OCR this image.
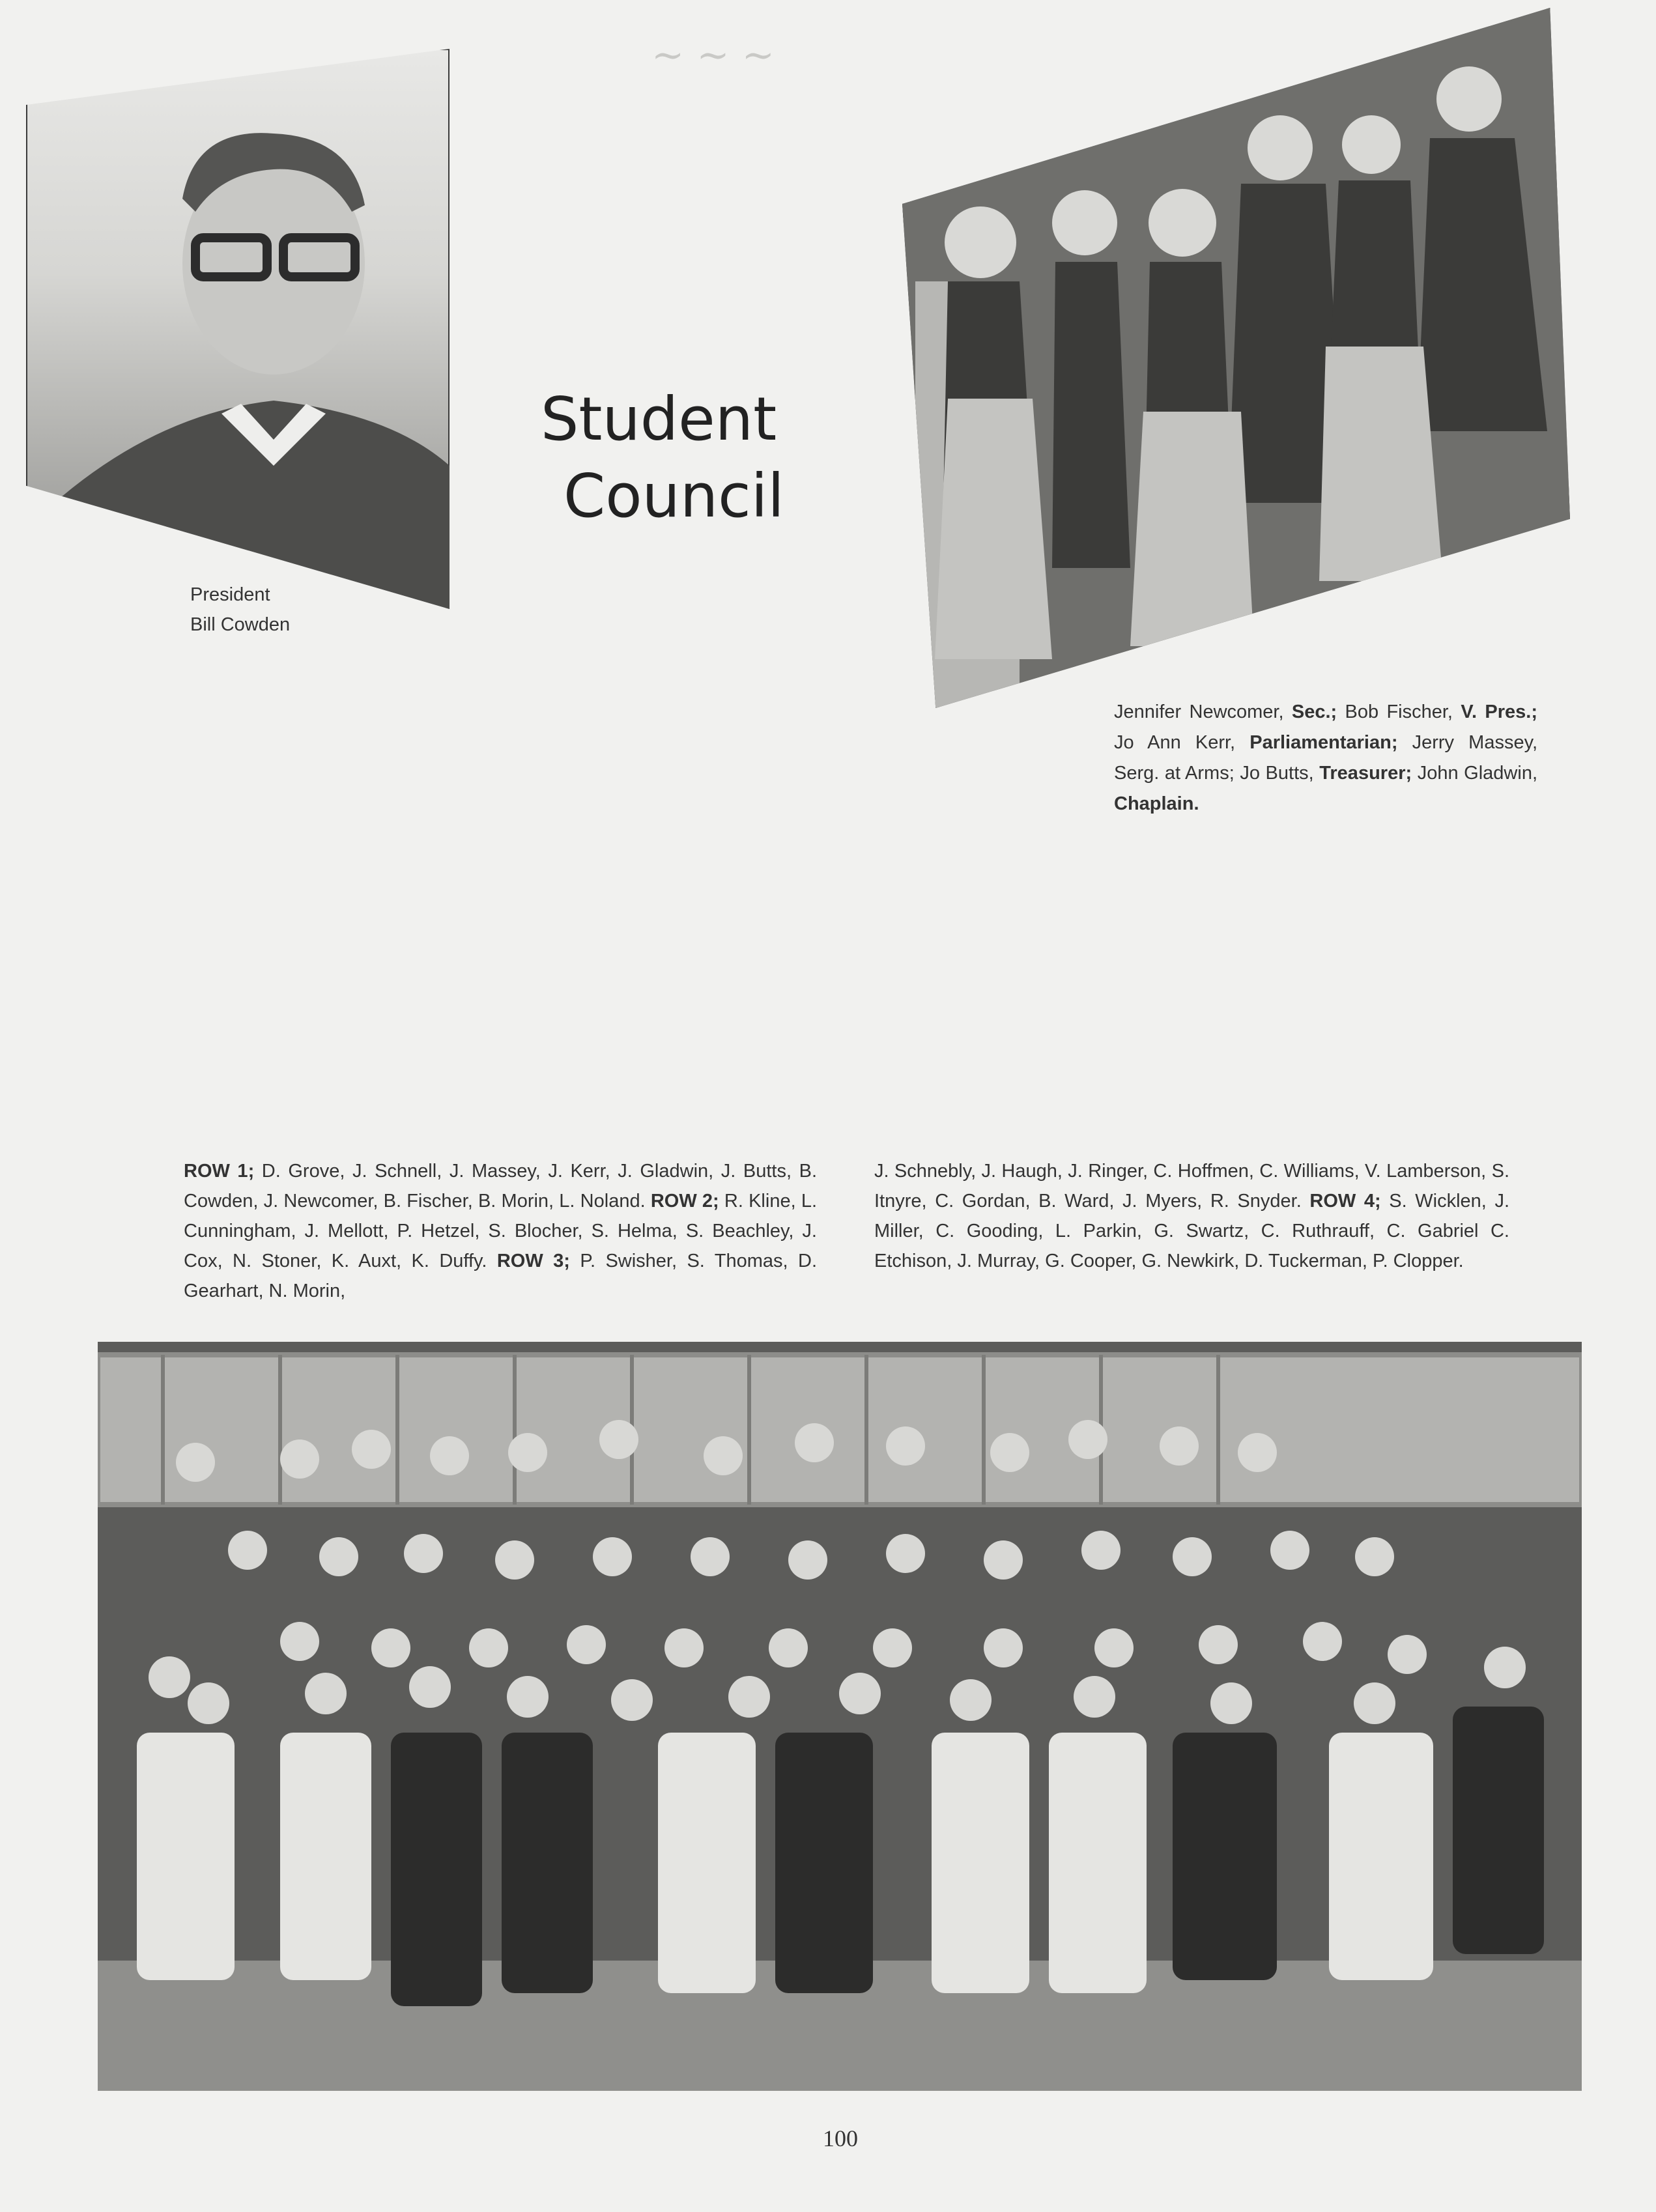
~ ~ ~
President
Bill Cowden
Student
Council
Jennifer Newcomer, Sec.; Bob Fischer, V. Pres.; Jo Ann Kerr, Parliamentarian; Jerry Massey, Serg. at Arms; Jo Butts, Treasurer; John Gladwin, Chaplain.
ROW 1; D. Grove, J. Schnell, J. Massey, J. Kerr, J. Gladwin, J. Butts, B. Cowden, J. Newcomer, B. Fischer, B. Morin, L. Noland. ROW 2; R. Kline, L. Cunningham, J. Mellott, P. Hetzel, S. Blocher, S. Helma, S. Beachley, J. Cox, N. Stoner, K. Auxt, K. Duffy. ROW 3; P. Swisher, S. Thomas, D. Gearhart, N. Morin,
J. Schnebly, J. Haugh, J. Ringer, C. Hoffmen, C. Williams, V. Lamberson, S. Itnyre, C. Gordan, B. Ward, J. Myers, R. Snyder. ROW 4; S. Wicklen, J. Miller, C. Gooding, L. Parkin, G. Swartz, C. Ruthrauff, C. Gabriel C. Etchison, J. Murray, G. Cooper, G. Newkirk, D. Tuckerman, P. Clopper.
100
